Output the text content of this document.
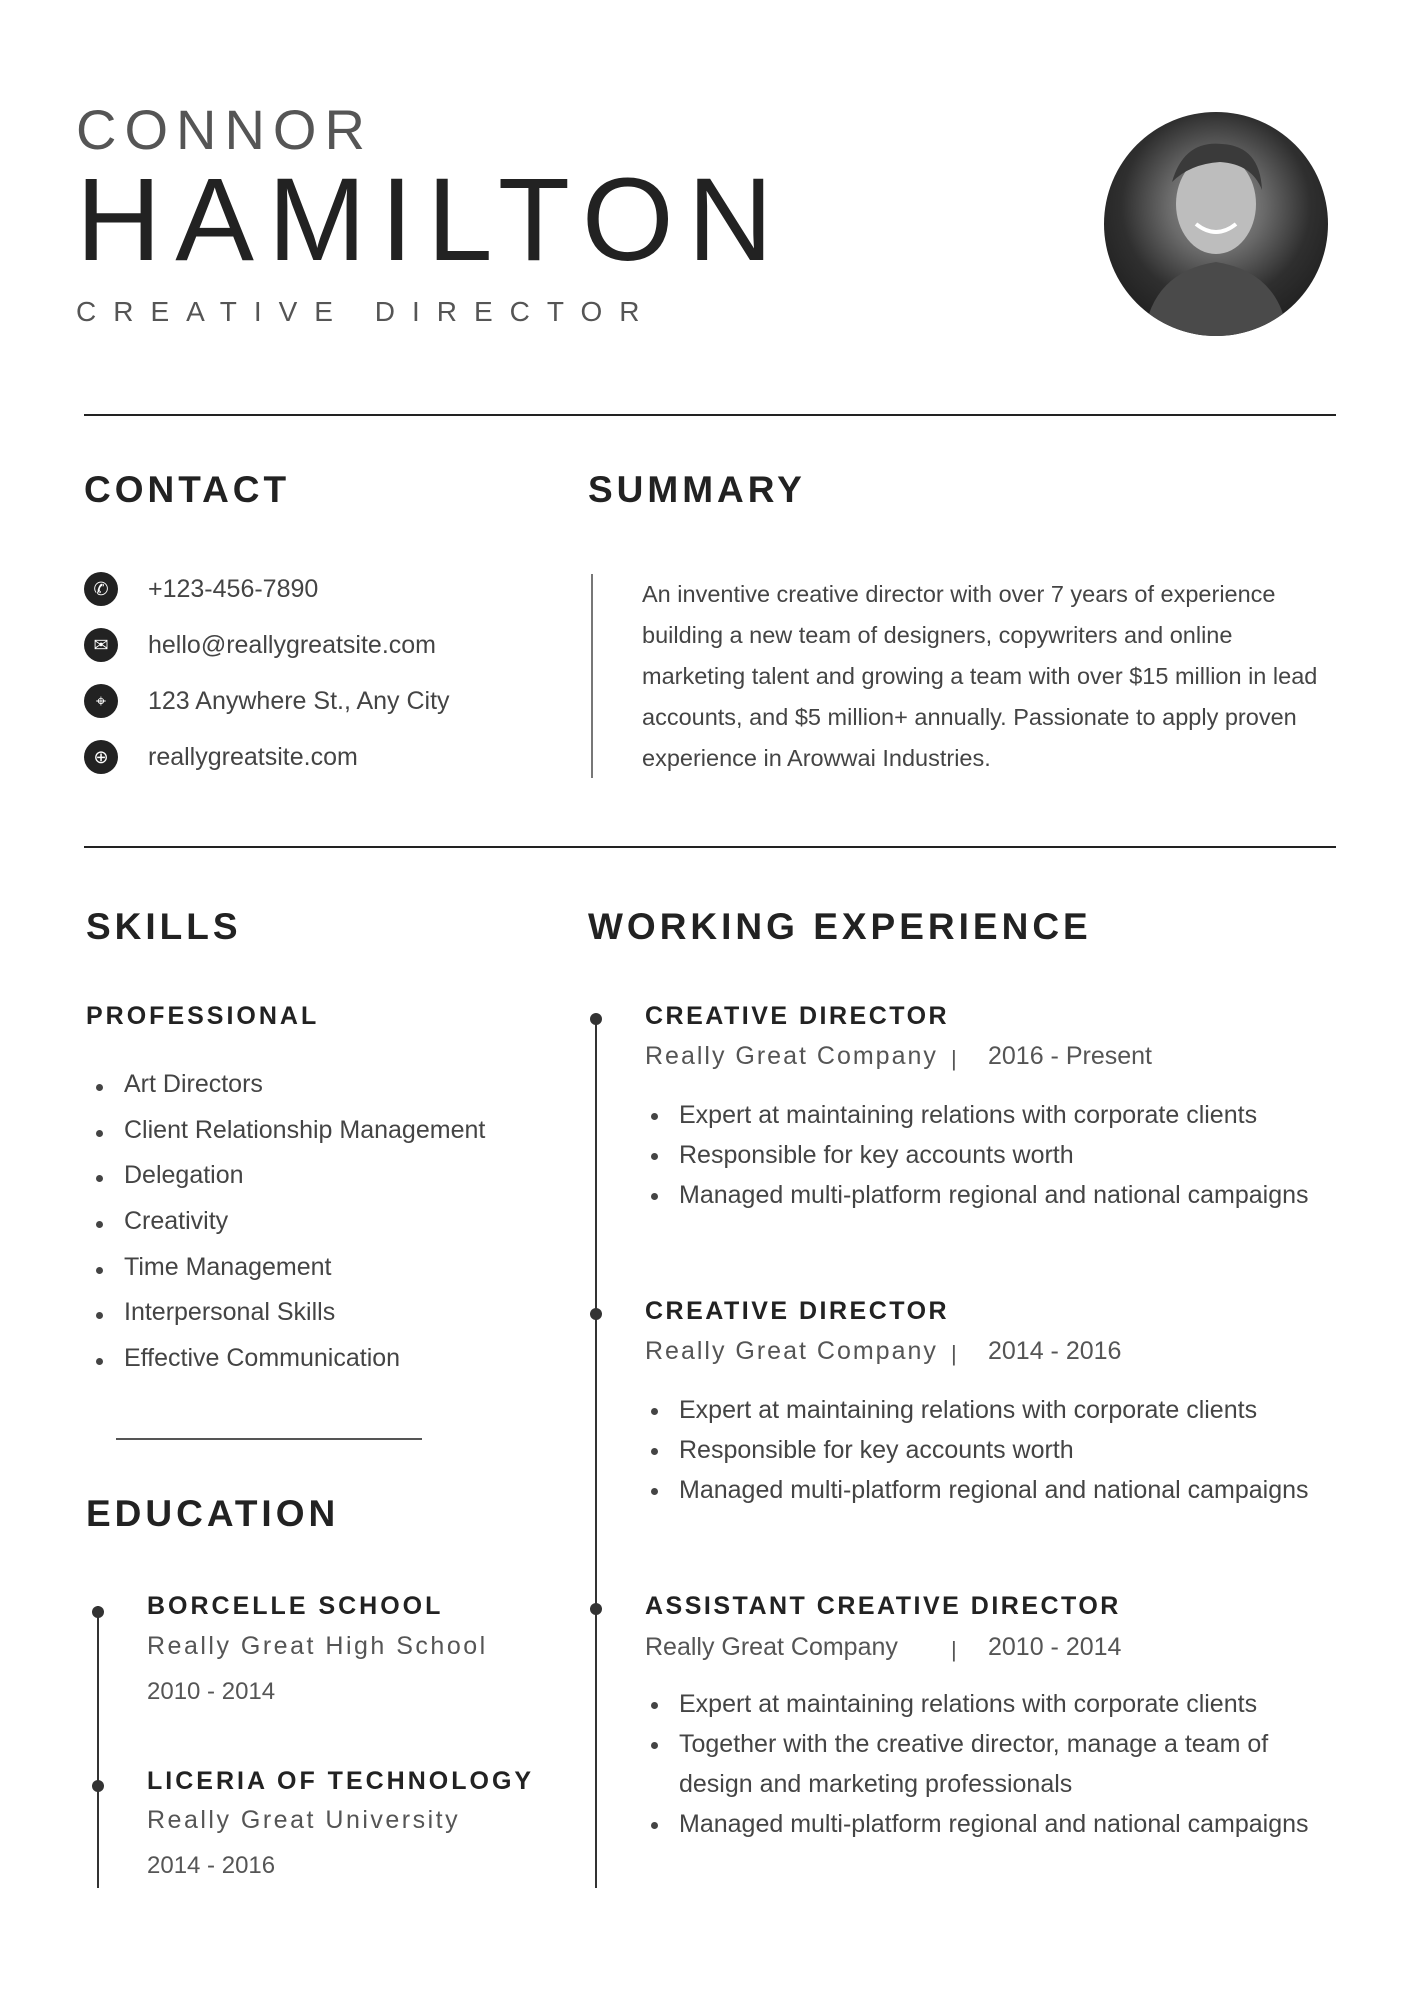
CONNOR
HAMILTON
CREATIVE DIRECTOR
CONTACT
✆	+123-456-7890
✉	hello@reallygreatsite.com
⌖	123 Anywhere St., Any City
⊕	reallygreatsite.com
SUMMARY
An inventive creative director with over 7 years of experience building a new team of designers, copywriters and online marketing talent and growing a team with over $15 million in lead accounts, and $5 million+ annually. Passionate to apply proven experience in Arowwai Industries.
SKILLS
PROFESSIONAL
Art Directors
Client Relationship Management
Delegation
Creativity
Time Management
Interpersonal Skills
Effective Communication
EDUCATION
BORCELLE SCHOOL
Really Great High School
2010 - 2014
LICERIA OF TECHNOLOGY
Really Great University
2014 - 2016
WORKING EXPERIENCE
CREATIVE DIRECTOR
Really Great Company | 2016 - Present
Expert at maintaining relations with corporate clients
Responsible for key accounts worth
Managed multi-platform regional and national campaigns
CREATIVE DIRECTOR
Really Great Company | 2014 - 2016
Expert at maintaining relations with corporate clients
Responsible for key accounts worth
Managed multi-platform regional and national campaigns
ASSISTANT CREATIVE DIRECTOR
Really Great Company | 2010 - 2014
Expert at maintaining relations with corporate clients
Together with the creative director, manage a team of design and marketing professionals
Managed multi-platform regional and national campaigns
